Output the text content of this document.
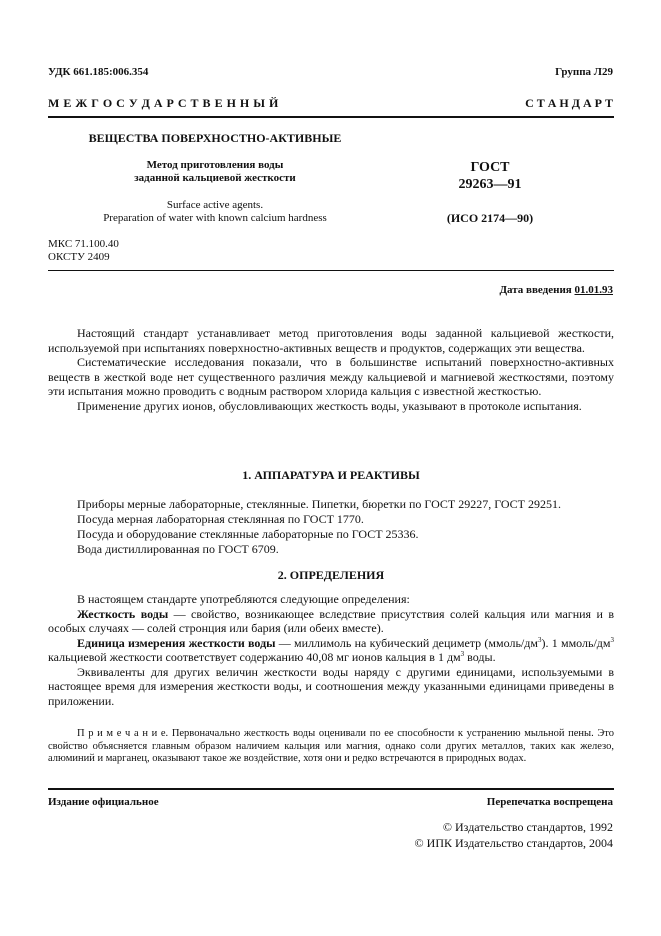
УДК 661.185:006.354	Группа Л29
М Е Ж Г О С У Д А Р С Т В Е Н Н Ы Й	С Т А Н Д А Р Т
ВЕЩЕСТВА ПОВЕРХНОСТНО-АКТИВНЫЕ
Метод приготовления воды
заданной кальциевой жесткости
Surface active agents.
Preparation of water with known calcium hardness
ГОСТ
29263—91
(ИСО 2174—90)
МКС 71.100.40
ОКСТУ 2409
Дата введения 01.01.93

Настоящий стандарт устанавливает метод приготовления воды заданной кальциевой жесткости, используемой при испытаниях поверхностно-активных веществ и продуктов, содержащих эти вещества.

Систематические исследования показали, что в большинстве испытаний поверхностно-активных веществ в жесткой воде нет существенного различия между кальциевой и магниевой жесткостями, поэтому эти испытания можно проводить с водным раствором хлорида кальция с известной жесткостью.

Применение других ионов, обусловливающих жесткость воды, указывают в протоколе испытания.

1. АППАРАТУРА И РЕАКТИВЫ

Приборы мерные лабораторные, стеклянные. Пипетки, бюретки по ГОСТ 29227, ГОСТ 29251.

Посуда мерная лабораторная стеклянная по ГОСТ 1770.

Посуда и оборудование стеклянные лабораторные по ГОСТ 25336.

Вода дистиллированная по ГОСТ 6709.

2. ОПРЕДЕЛЕНИЯ

В настоящем стандарте употребляются следующие определения:

Жесткость воды — свойство, возникающее вследствие присутствия солей кальция или магния и в особых случаях — солей стронция или бария (или обеих вместе).

Единица измерения жесткости воды — миллимоль на кубический дециметр $(ммоль/дм^3)$. 1 ммоль/$дм^3$ кальциевой жесткости соответствует содержанию 40,08 мг ионов кальция в 1 $дм^3$ воды.

Эквиваленты для других величин жесткости воды наряду с другими единицами, используемыми в настоящее время для измерения жесткости воды, и соотношения между указанными единицами приведены в приложении.

П р и м е ч а н и е. Первоначально жесткость воды оценивали по ее способности к устранению мыльной пены. Это свойство объясняется главным образом наличием кальция или магния, однако соли других металлов, таких как железо, алюминий и марганец, оказывают такое же воздействие, хотя они и редко встречаются в природных водах.

Издание официальное	Перепечатка воспрещена
© Издательство стандартов, 1992
© ИПК Издательство стандартов, 2004
